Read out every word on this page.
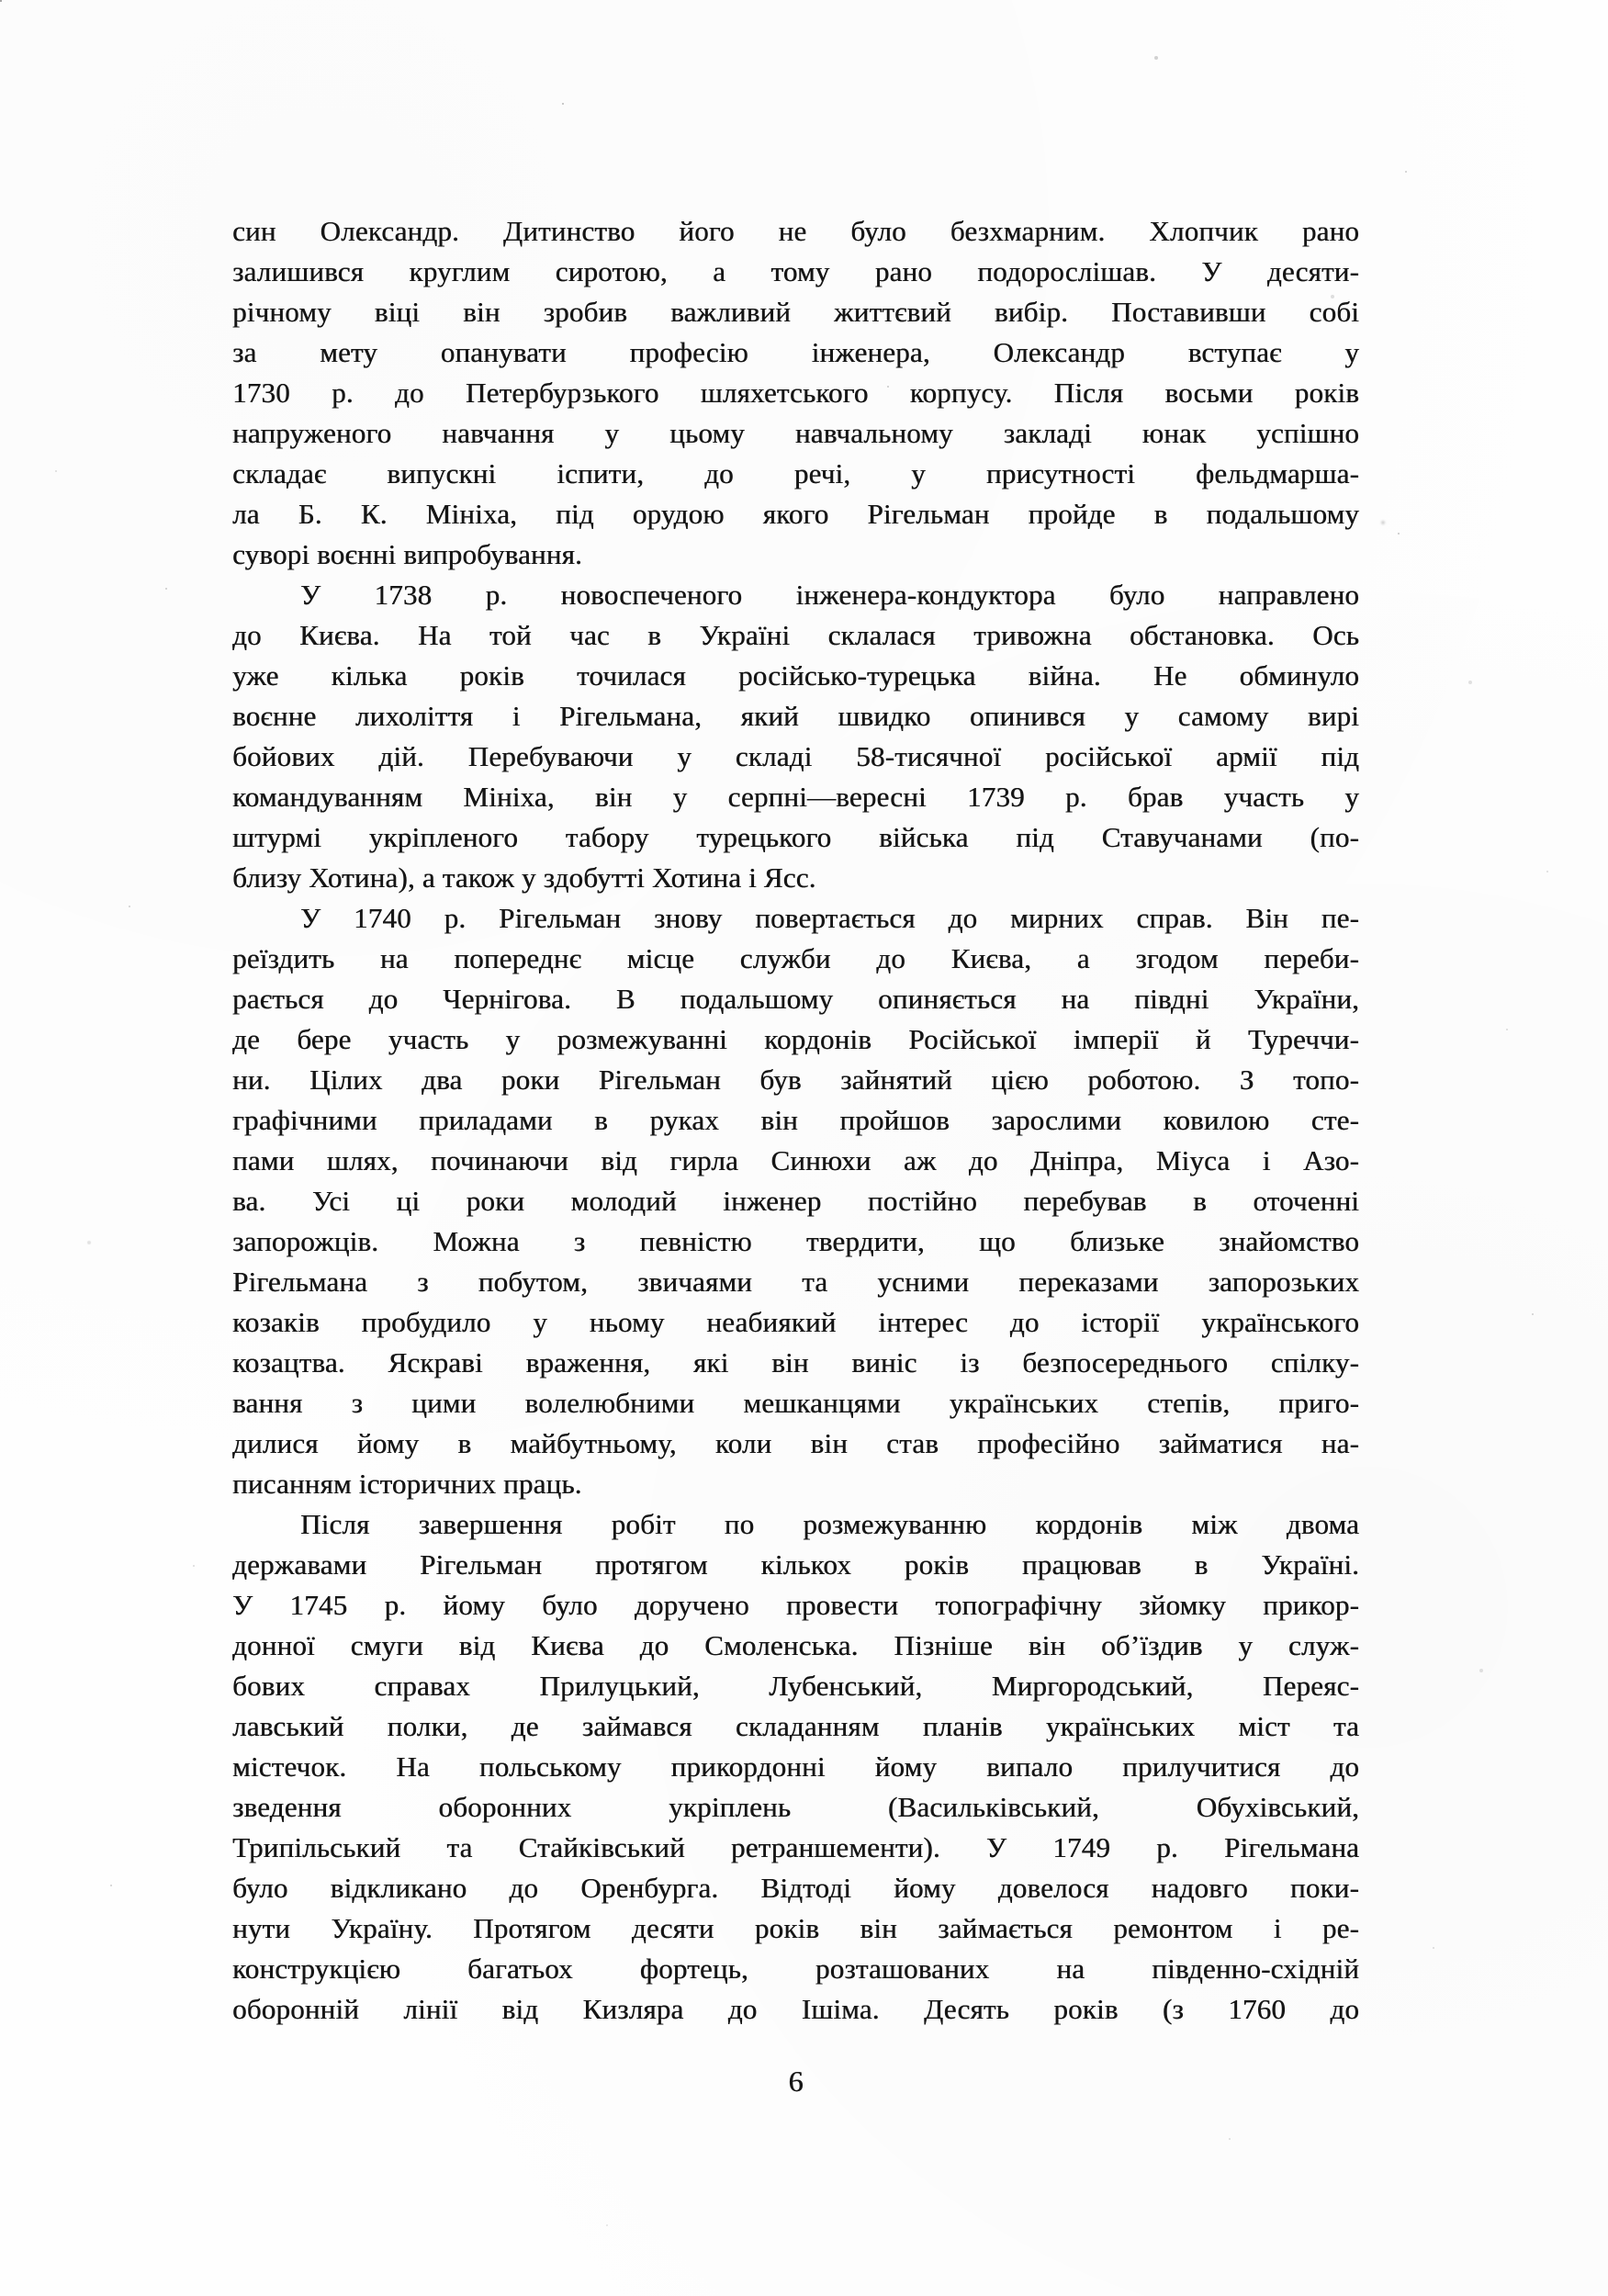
син Олександр. Дитинство його не було безхмарним. Хлопчик рано
залишився круглим сиротою, а тому рано подорослішав. У десяти-
річному віці він зробив важливий життєвий вибір. Поставивши собі
за мету опанувати професію інженера, Олександр вступає у
1730 р. до Петербурзького шляхетського корпусу. Після восьми років
напруженого навчання у цьому навчальному закладі юнак успішно
складає випускні іспити, до речі, у присутності фельдмарша-
ла Б. К. Мініха, під орудою якого Рігельман пройде в подальшому
суворі воєнні випробування.
У 1738 р. новоспеченого інженера-кондуктора було направлено
до Києва. На той час в Україні склалася тривожна обстановка. Ось
уже кілька років точилася російсько-турецька війна. Не обминуло
воєнне лихоліття і Рігельмана, який швидко опинився у самому вирі
бойових дій. Перебуваючи у складі 58-тисячної російської армії під
командуванням Мініха, він у серпні—вересні 1739 р. брав участь у
штурмі укріпленого табору турецького війська під Ставучанами (по-
близу Хотина), а також у здобутті Хотина і Ясс.
У 1740 р. Рігельман знову повертається до мирних справ. Він пе-
реїздить на попереднє місце служби до Києва, а згодом переби-
рається до Чернігова. В подальшому опиняється на півдні України,
де бере участь у розмежуванні кордонів Російської імперії й Туреччи-
ни. Цілих два роки Рігельман був зайнятий цією роботою. З топо-
графічними приладами в руках він пройшов зарослими ковилою сте-
пами шлях, починаючи від гирла Синюхи аж до Дніпра, Міуса і Азо-
ва. Усі ці роки молодий інженер постійно перебував в оточенні
запорожців. Можна з певністю твердити, що близьке знайомство
Рігельмана з побутом, звичаями та усними переказами запорозьких
козаків пробудило у ньому неабиякий інтерес до історії українського
козацтва. Яскраві враження, які він виніс із безпосереднього спілку-
вання з цими волелюбними мешканцями українських степів, приго-
дилися йому в майбутньому, коли він став професійно займатися на-
писанням історичних праць.
Після завершення робіт по розмежуванню кордонів між двома
державами Рігельман протягом кількох років працював в Україні.
У 1745 р. йому було доручено провести топографічну зйомку прикор-
донної смуги від Києва до Смоленська. Пізніше він об’їздив у служ-
бових справах Прилуцький, Лубенський, Миргородський, Переяс-
лавський полки, де займався складанням планів українських міст та
містечок. На польському прикордонні йому випало прилучитися до
зведення оборонних укріплень (Васильківський, Обухівський,
Трипільський та Стайківський ретраншементи). У 1749 р. Рігельмана
було відкликано до Оренбурга. Відтоді йому довелося надовго поки-
нути Україну. Протягом десяти років він займається ремонтом і ре-
конструкцією багатьох фортець, розташованих на південно-східній
оборонній лінії від Кизляра до Ішіма. Десять років (з 1760 до
6
